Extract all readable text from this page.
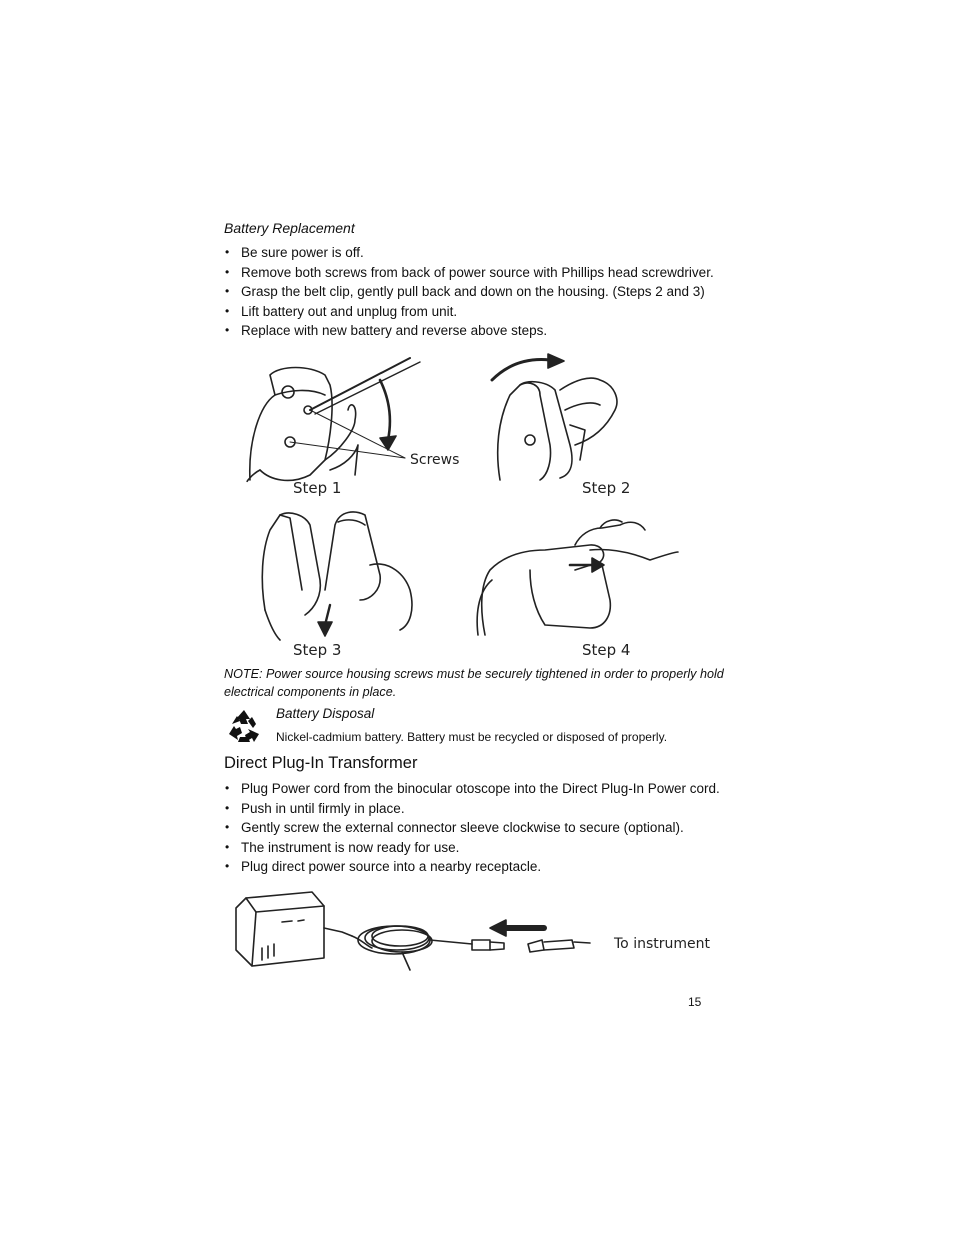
Battery Replacement
• Be sure power is off.
• Remove both screws from back of power source with Phillips head screwdriver.
• Grasp the belt clip, gently pull back and down on the housing. (Steps 2 and 3)
• Lift battery out and unplug from unit.
• Replace with new battery and reverse above steps.
Screws
Step 1	Step 2
Step 3	Step 4
NOTE: Power source housing screws must be securely tightened in order to properly hold electrical components in place.
Battery Disposal
Nickel-cadmium battery. Battery must be recycled or disposed of properly.
Direct Plug-In Transformer
• Plug Power cord from the binocular otoscope into the Direct Plug-In Power cord.
• Push in until firmly in place.
• Gently screw the external connector sleeve clockwise to secure (optional).
• The instrument is now ready for use.
• Plug direct power source into a nearby receptacle.
To instrument
15
